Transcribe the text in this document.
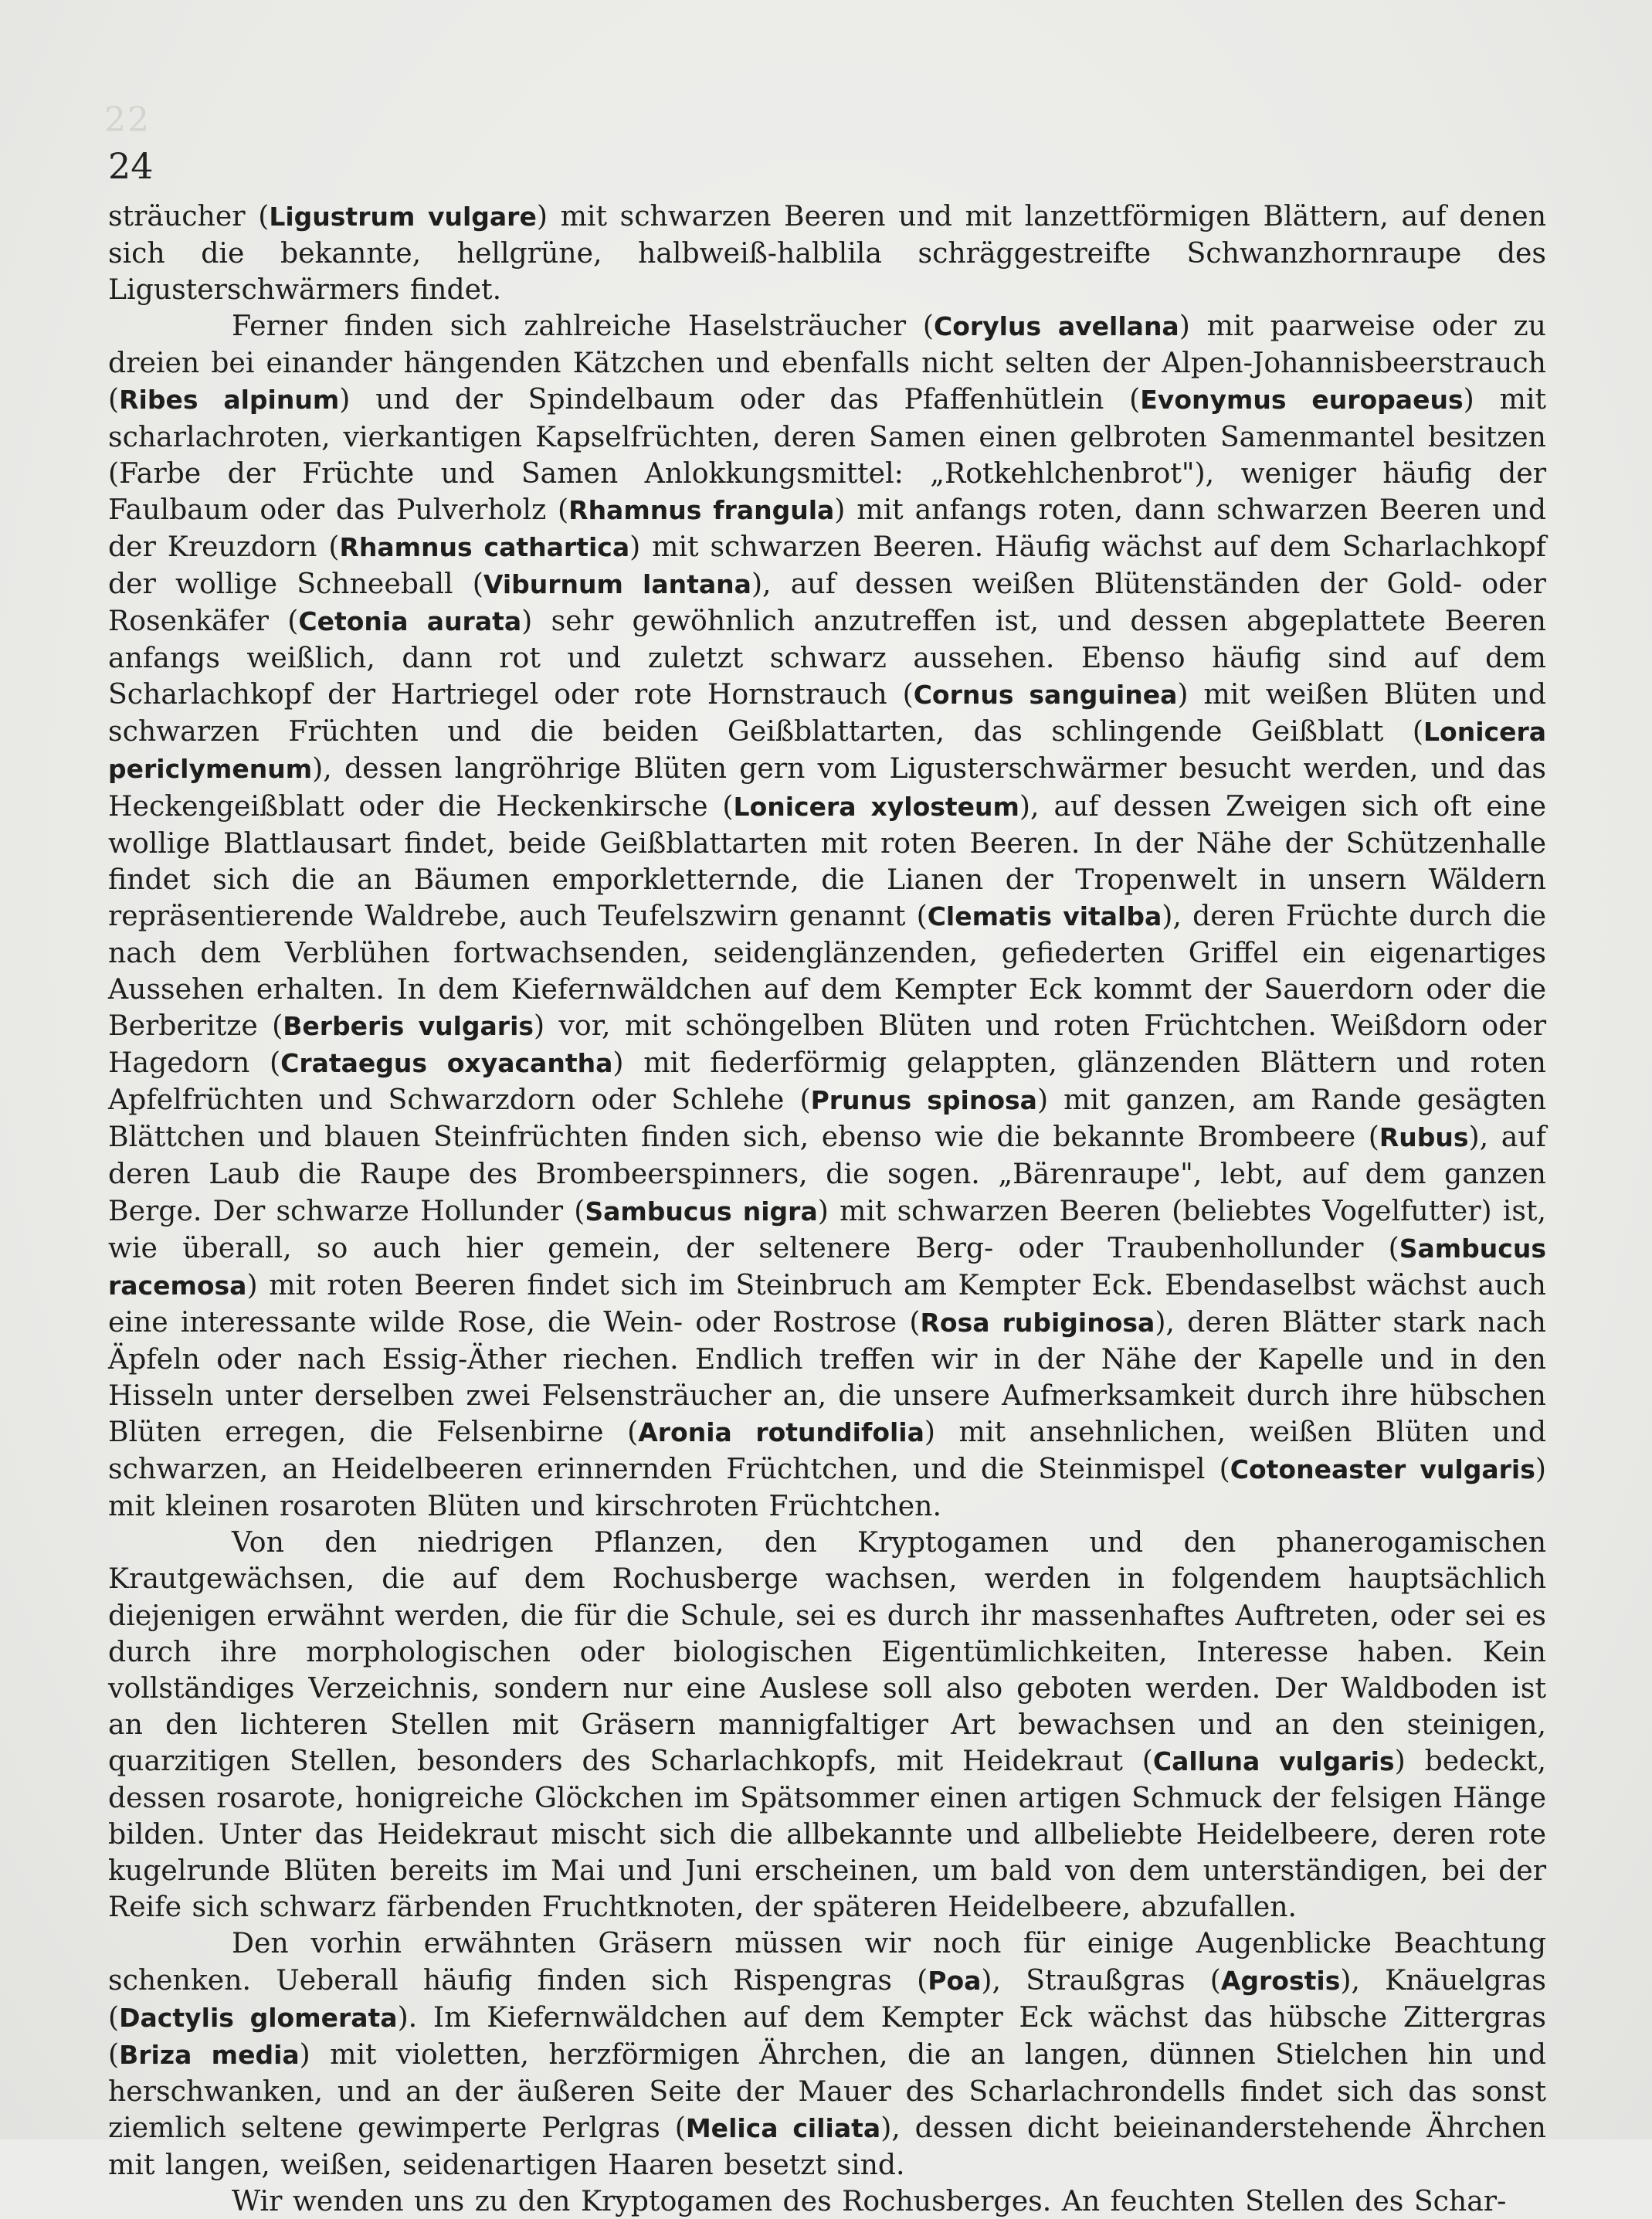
22
24

sträucher (Ligustrum vulgare) mit schwarzen Beeren und mit lanzettförmigen Blättern, auf denen sich die bekannte, hellgrüne, halbweiß-halblila schräggestreifte Schwanzhornraupe des Ligusterschwärmers findet.

Ferner finden sich zahlreiche Haselsträucher (Corylus avellana) mit paarweise oder zu dreien bei einander hängenden Kätzchen und ebenfalls nicht selten der Alpen-Johannisbeerstrauch (Ribes alpinum) und der Spindelbaum oder das Pfaffenhütlein (Evonymus europaeus) mit scharlachroten, vierkantigen Kapselfrüchten, deren Samen einen gelbroten Samenmantel besitzen (Farbe der Früchte und Samen Anlokkungsmittel: „Rotkehlchenbrot"), weniger häufig der Faulbaum oder das Pulverholz (Rhamnus frangula) mit anfangs roten, dann schwarzen Beeren und der Kreuzdorn (Rhamnus cathartica) mit schwarzen Beeren. Häufig wächst auf dem Scharlachkopf der wollige Schneeball (Viburnum lantana), auf dessen weißen Blütenständen der Gold- oder Rosenkäfer (Cetonia aurata) sehr gewöhnlich anzutreffen ist, und dessen abgeplattete Beeren anfangs weißlich, dann rot und zuletzt schwarz aussehen. Ebenso häufig sind auf dem Scharlachkopf der Hartriegel oder rote Hornstrauch (Cornus sanguinea) mit weißen Blüten und schwarzen Früchten und die beiden Geißblattarten, das schlingende Geißblatt (Lonicera periclymenum), dessen langröhrige Blüten gern vom Ligusterschwärmer besucht werden, und das Heckengeißblatt oder die Heckenkirsche (Lonicera xylosteum), auf dessen Zweigen sich oft eine wollige Blattlausart findet, beide Geißblattarten mit roten Beeren. In der Nähe der Schützenhalle findet sich die an Bäumen emporkletternde, die Lianen der Tropenwelt in unsern Wäldern repräsentierende Waldrebe, auch Teufelszwirn genannt (Clematis vitalba), deren Früchte durch die nach dem Verblühen fortwachsenden, seidenglänzenden, gefiederten Griffel ein eigenartiges Aussehen erhalten. In dem Kiefernwäldchen auf dem Kempter Eck kommt der Sauerdorn oder die Berberitze (Berberis vulgaris) vor, mit schöngelben Blüten und roten Früchtchen. Weißdorn oder Hagedorn (Crataegus oxyacantha) mit fiederförmig gelappten, glänzenden Blättern und roten Apfelfrüchten und Schwarzdorn oder Schlehe (Prunus spinosa) mit ganzen, am Rande gesägten Blättchen und blauen Steinfrüchten finden sich, ebenso wie die bekannte Brombeere (Rubus), auf deren Laub die Raupe des Brombeerspinners, die sogen. „Bärenraupe", lebt, auf dem ganzen Berge. Der schwarze Hollunder (Sambucus nigra) mit schwarzen Beeren (beliebtes Vogelfutter) ist, wie überall, so auch hier gemein, der seltenere Berg- oder Traubenhollunder (Sambucus racemosa) mit roten Beeren findet sich im Steinbruch am Kempter Eck. Ebendaselbst wächst auch eine interessante wilde Rose, die Wein- oder Rostrose (Rosa rubiginosa), deren Blätter stark nach Äpfeln oder nach Essig-Äther riechen. Endlich treffen wir in der Nähe der Kapelle und in den Hisseln unter derselben zwei Felsensträucher an, die unsere Aufmerksamkeit durch ihre hübschen Blüten erregen, die Felsenbirne (Aronia rotundifolia) mit ansehnlichen, weißen Blüten und schwarzen, an Heidelbeeren erinnernden Früchtchen, und die Steinmispel (Cotoneaster vulgaris) mit kleinen rosaroten Blüten und kirschroten Früchtchen.

Von den niedrigen Pflanzen, den Kryptogamen und den phanerogamischen Krautgewächsen, die auf dem Rochusberge wachsen, werden in folgendem hauptsächlich diejenigen erwähnt werden, die für die Schule, sei es durch ihr massenhaftes Auftreten, oder sei es durch ihre morphologischen oder biologischen Eigentümlichkeiten, Interesse haben. Kein vollständiges Verzeichnis, sondern nur eine Auslese soll also geboten werden. Der Waldboden ist an den lichteren Stellen mit Gräsern mannigfaltiger Art bewachsen und an den steinigen, quarzitigen Stellen, besonders des Scharlachkopfs, mit Heidekraut (Calluna vulgaris) bedeckt, dessen rosarote, honigreiche Glöckchen im Spätsommer einen artigen Schmuck der felsigen Hänge bilden. Unter das Heidekraut mischt sich die allbekannte und allbeliebte Heidelbeere, deren rote kugelrunde Blüten bereits im Mai und Juni erscheinen, um bald von dem unterständigen, bei der Reife sich schwarz färbenden Fruchtknoten, der späteren Heidelbeere, abzufallen.

Den vorhin erwähnten Gräsern müssen wir noch für einige Augenblicke Beachtung schenken. Ueberall häufig finden sich Rispengras (Poa), Straußgras (Agrostis), Knäuelgras (Dactylis glomerata). Im Kiefernwäldchen auf dem Kempter Eck wächst das hübsche Zittergras (Briza media) mit violetten, herzförmigen Ährchen, die an langen, dünnen Stielchen hin und herschwanken, und an der äußeren Seite der Mauer des Scharlachrondells findet sich das sonst ziemlich seltene gewimperte Perlgras (Melica ciliata), dessen dicht beieinanderstehende Ährchen mit langen, weißen, seidenartigen Haaren besetzt sind.

Wir wenden uns zu den Kryptogamen des Rochusberges. An feuchten Stellen des Schar-
